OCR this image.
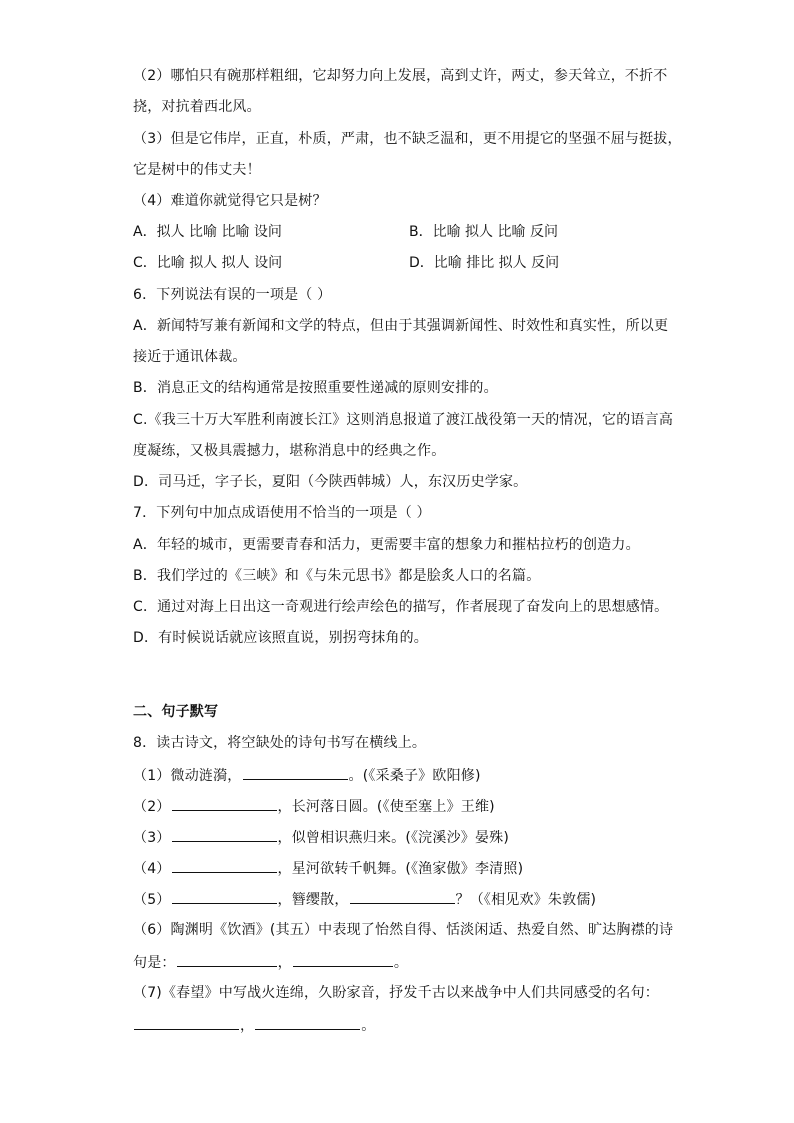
（2）哪怕只有碗那样粗细，它却努力向上发展，高到丈许，两丈，参天耸立，不折不
挠，对抗着西北风。
（3）但是它伟岸，正直，朴质，严肃，也不缺乏温和，更不用提它的坚强不屈与挺拔，
它是树中的伟丈夫！
（4）难道你就觉得它只是树？
A．拟人 比喻 比喻 设问	B．比喻 拟人 比喻 反问
C．比喻 拟人 拟人 设问	D．比喻 排比 拟人 反问
6．下列说法有误的一项是（ ）
A．新闻特写兼有新闻和文学的特点，但由于其强调新闻性、时效性和真实性，所以更
接近于通讯体裁。
B．消息正文的结构通常是按照重要性递减的原则安排的。
C.《我三十万大军胜利南渡长江》这则消息报道了渡江战役第一天的情况，它的语言高
度凝练，又极具震撼力，堪称消息中的经典之作。
D．司马迁，字子长，夏阳（今陕西韩城）人，东汉历史学家。
7．下列句中加点成语使用不恰当的一项是（ ）
A．年轻的城市，更需要青春和活力，更需要丰富的想象力和摧枯拉朽的创造力。
B．我们学过的《三峡》和《与朱元思书》都是脍炙人口的名篇。
C．通过对海上日出这一奇观进行绘声绘色的描写，作者展现了奋发向上的思想感情。
D．有时候说话就应该照直说，别拐弯抹角的。
二、句子默写
8．读古诗文，将空缺处的诗句书写在横线上。
（1）微动涟漪，	。(《采桑子》欧阳修)
（2）	，长河落日圆。(《使至塞上》王维)
（3）	，似曾相识燕归来。(《浣溪沙》晏殊)
（4）	，星河欲转千帆舞。(《渔家傲》李清照)
（5）	，簪缨散，	？（《相见欢》朱敦儒)
（6）陶渊明《饮酒》(其五）中表现了怡然自得、恬淡闲适、热爱自然、旷达胸襟的诗
句是：	，	。
（7)《春望》中写战火连绵，久盼家音，抒发千古以来战争中人们共同感受的名句：
，	。
